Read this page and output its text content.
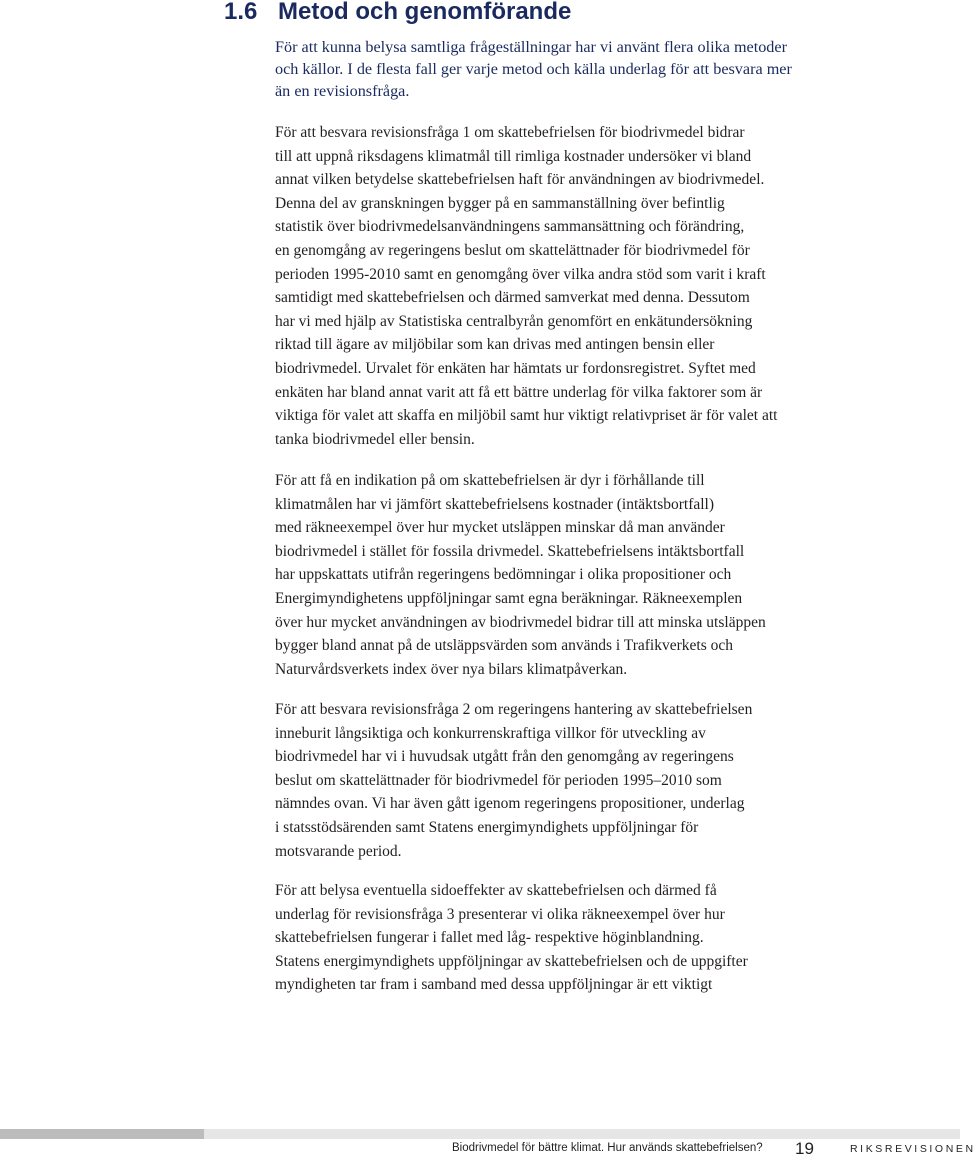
1.6 Metod och genomförande

För att kunna belysa samtliga frågeställningar har vi använt flera olika metoder
och källor. I de flesta fall ger varje metod och källa underlag för att besvara mer
än en revisionsfråga.

För att besvara revisionsfråga 1 om skattebefrielsen för biodrivmedel bidrar
till att uppnå riksdagens klimatmål till rimliga kostnader undersöker vi bland
annat vilken betydelse skattebefrielsen haft för användningen av biodrivmedel.
Denna del av granskningen bygger på en sammanställning över befintlig
statistik över biodrivmedelsanvändningens sammansättning och förändring,
en genomgång av regeringens beslut om skattelättnader för biodrivmedel för
perioden 1995-2010 samt en genomgång över vilka andra stöd som varit i kraft
samtidigt med skattebefrielsen och därmed samverkat med denna. Dessutom
har vi med hjälp av Statistiska centralbyrån genomfört en enkätundersökning
riktad till ägare av miljöbilar som kan drivas med antingen bensin eller
biodrivmedel. Urvalet för enkäten har hämtats ur fordonsregistret. Syftet med
enkäten har bland annat varit att få ett bättre underlag för vilka faktorer som är
viktiga för valet att skaffa en miljöbil samt hur viktigt relativpriset är för valet att
tanka biodrivmedel eller bensin.

För att få en indikation på om skattebefrielsen är dyr i förhållande till
klimatmålen har vi jämfört skattebefrielsens kostnader (intäktsbortfall)
med räkneexempel över hur mycket utsläppen minskar då man använder
biodrivmedel i stället för fossila drivmedel. Skattebefrielsens intäktsbortfall
har uppskattats utifrån regeringens bedömningar i olika propositioner och
Energimyndighetens uppföljningar samt egna beräkningar. Räkneexemplen
över hur mycket användningen av biodrivmedel bidrar till att minska utsläppen
bygger bland annat på de utsläppsvärden som används i Trafikverkets och
Naturvårdsverkets index över nya bilars klimatpåverkan.

För att besvara revisionsfråga 2 om regeringens hantering av skattebefrielsen
inneburit långsiktiga och konkurrenskraftiga villkor för utveckling av
biodrivmedel har vi i huvudsak utgått från den genomgång av regeringens
beslut om skattelättnader för biodrivmedel för perioden 1995–2010 som
nämndes ovan. Vi har även gått igenom regeringens propositioner, underlag
i statsstödsärenden samt Statens energimyndighets uppföljningar för
motsvarande period.

För att belysa eventuella sidoeffekter av skattebefrielsen och därmed få
underlag för revisionsfråga 3 presenterar vi olika räkneexempel över hur
skattebefrielsen fungerar i fallet med låg- respektive höginblandning.
Statens energimyndighets uppföljningar av skattebefrielsen och de uppgifter
myndigheten tar fram i samband med dessa uppföljningar är ett viktigt

Biodrivmedel för bättre klimat. Hur används skattebefrielsen? 19	RIKSREVISIONEN
